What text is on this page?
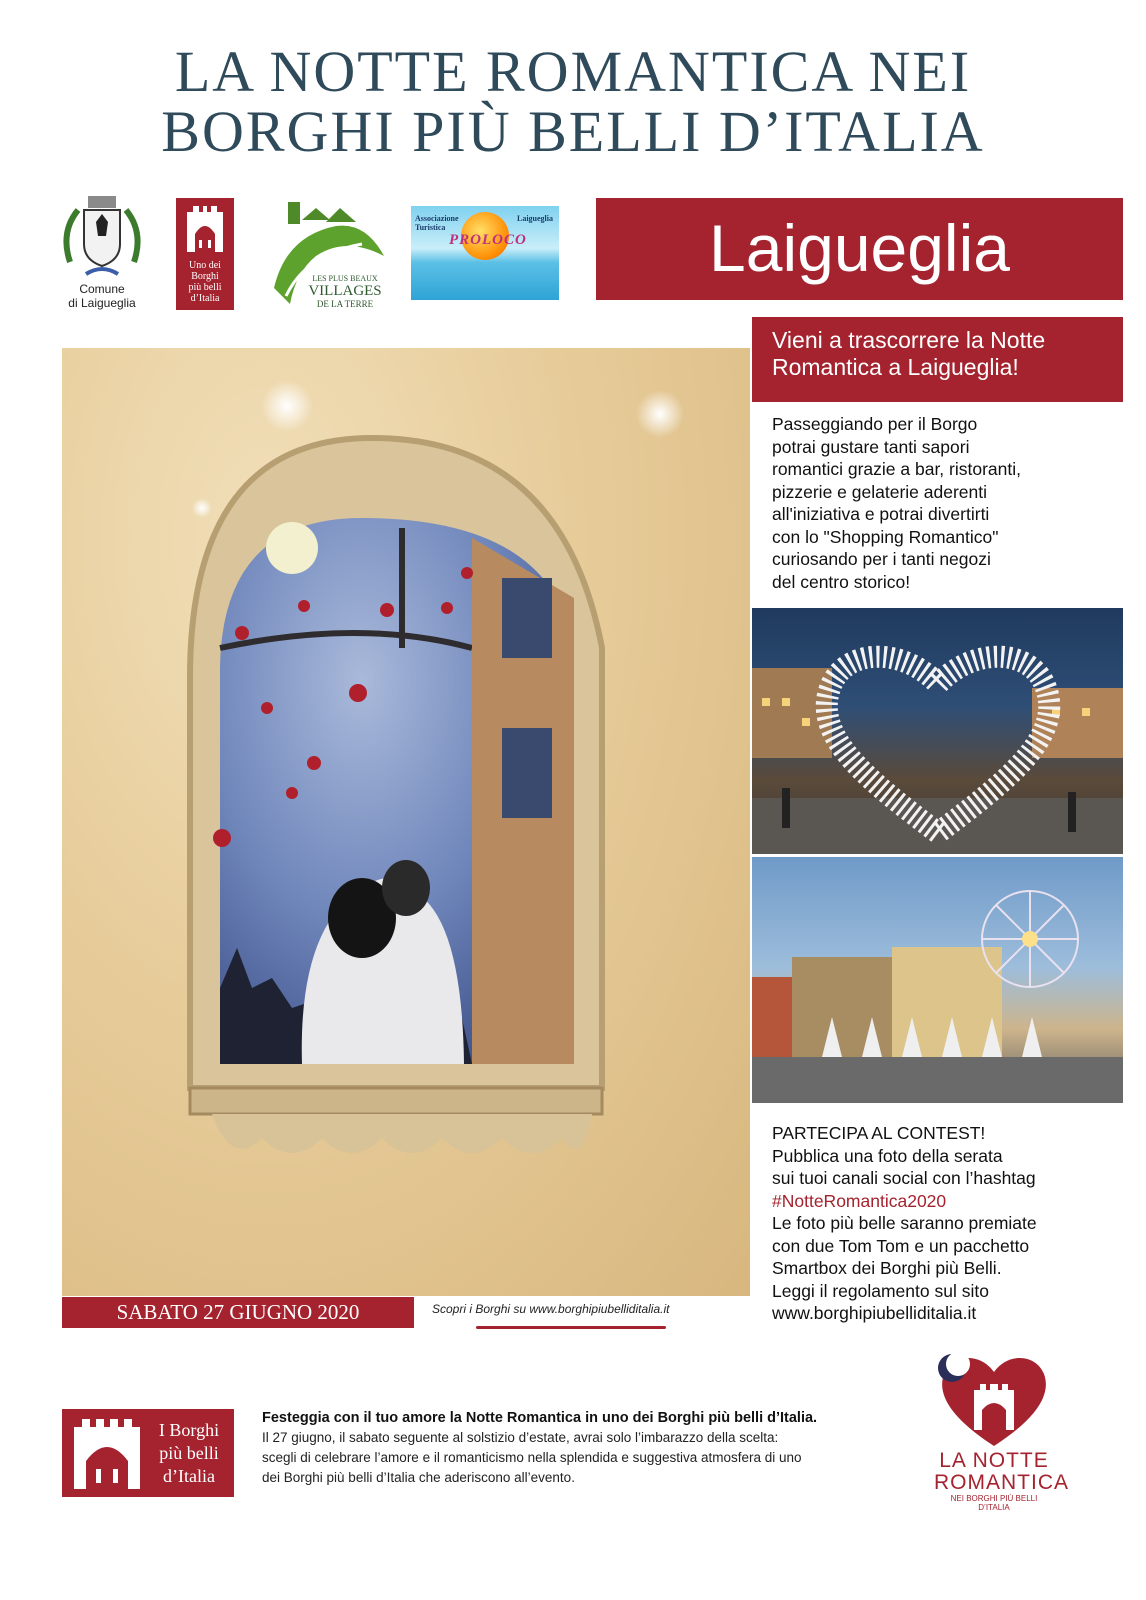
LA NOTTE ROMANTICA NEI
BORGHI PIÙ BELLI D’ITALIA
Comune
di Laigueglia
Uno dei
Borghi
più belli
d’Italia
LES PLUS BEAUX
VILLAGES
DE LA TERRE
Associazione Turistica
Laigueglia
PROLOCO	Laigueglia
SABATO 27 GIUGNO 2020	Scopri i Borghi su www.borghipiubelliditalia.it
Vieni a trascorrere la Notte
Romantica a Laigueglia!
Passeggiando per il Borgo
potrai gustare tanti sapori
romantici grazie a bar, ristoranti,
pizzerie e gelaterie aderenti
all'iniziativa e potrai divertirti
con lo "Shopping Romantico"
curiosando per i tanti negozi
del centro storico!
PARTECIPA AL CONTEST!
Pubblica una foto della serata
sui tuoi canali social con l’hashtag
#NotteRomantica2020
Le foto più belle saranno premiate
con due Tom Tom e un pacchetto
Smartbox dei Borghi più Belli.
Leggi il regolamento sul sito
www.borghipiubelliditalia.it
I Borghi
più belli
d’Italia
Festeggia con il tuo amore la Notte Romantica in uno dei Borghi più belli d’Italia.
Il 27 giugno, il sabato seguente al solstizio d’estate, avrai solo l’imbarazzo della scelta:
scegli di celebrare l’amore e il romanticismo nella splendida e suggestiva atmosfera di uno
dei Borghi più belli d’Italia che aderiscono all’evento.
LA NOTTE
ROMANTICA
NEI BORGHI PIÙ BELLI D’ITALIA
